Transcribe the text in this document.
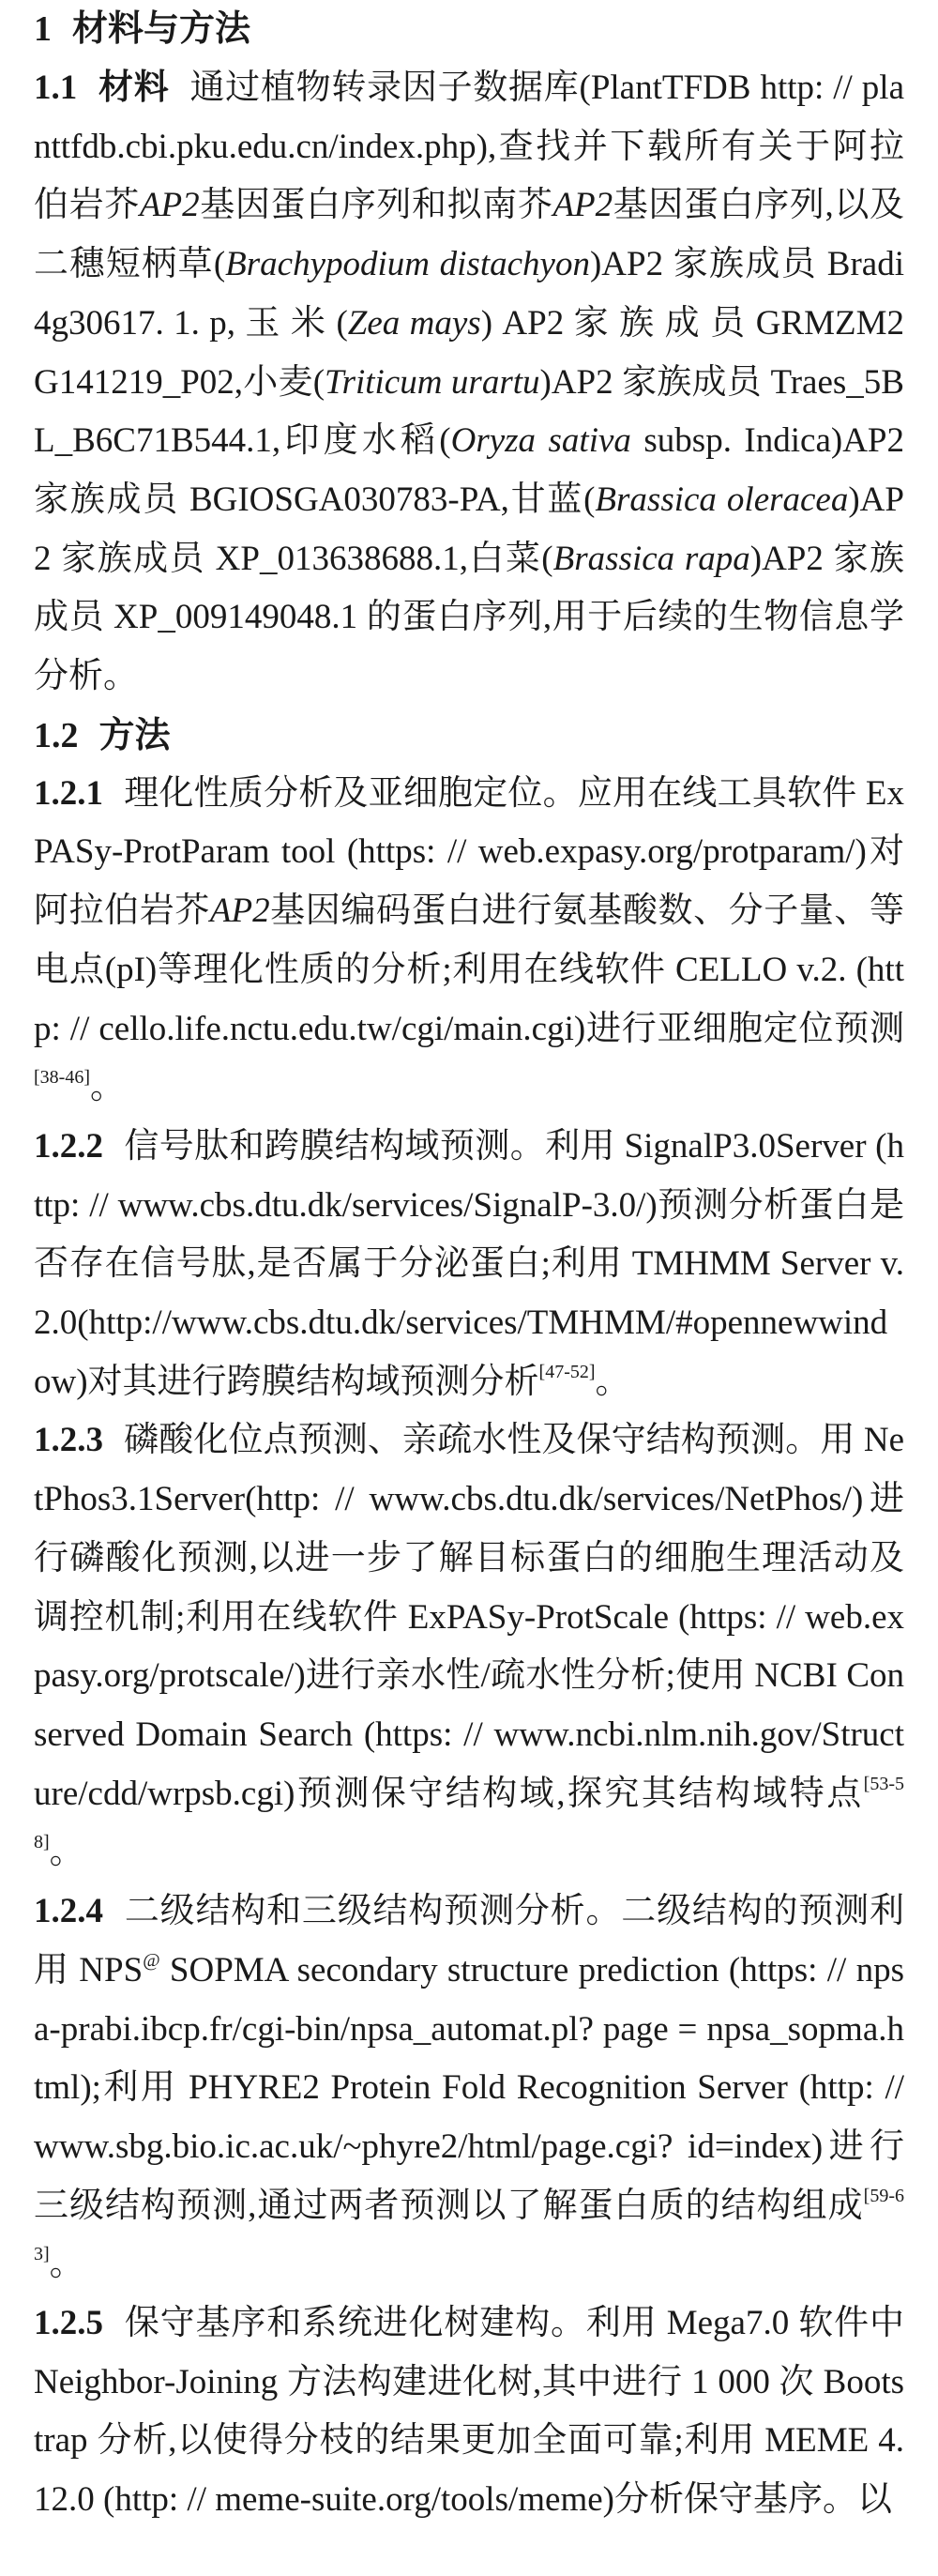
1 材料与方法

1.1 材料 通过植物转录因子数据库(PlantTFDB http: // planttfdb.cbi.pku.edu.cn/index.php),查找并下载所有关于阿拉伯岩芥AP2基因蛋白序列和拟南芥AP2基因蛋白序列,以及二穗短柄草(Brachypodium distachyon)AP2 家族成员 Bradi4g30617. 1. p, 玉 米 (Zea mays) AP2 家 族 成 员 GRMZM2G141219_P02,小麦(Triticum urartu)AP2 家族成员 Traes_5BL_B6C71B544.1,印度水稻(Oryza sativa subsp. Indica)AP2 家族成员 BGIOSGA030783-PA,甘蓝(Brassica oleracea)AP2 家族成员 XP_013638688.1,白菜(Brassica rapa)AP2 家族成员 XP_009149048.1 的蛋白序列,用于后续的生物信息学分析。

1.2 方法

1.2.1 理化性质分析及亚细胞定位。应用在线工具软件 ExPASy-ProtParam tool (https: // web.expasy.org/protparam/)对阿拉伯岩芥AP2基因编码蛋白进行氨基酸数、分子量、等电点(pI)等理化性质的分析;利用在线软件 CELLO v.2. (http: // cello.life.nctu.edu.tw/cgi/main.cgi)进行亚细胞定位预测[38-46]。

1.2.2 信号肽和跨膜结构域预测。利用 SignalP3.0Server (http: // www.cbs.dtu.dk/services/SignalP-3.0/)预测分析蛋白是否存在信号肽,是否属于分泌蛋白;利用 TMHMM Server v.2.0(http://www.cbs.dtu.dk/services/TMHMM/#opennewwindow)对其进行跨膜结构域预测分析[47-52]。

1.2.3 磷酸化位点预测、亲疏水性及保守结构预测。用 NetPhos3.1Server(http: // www.cbs.dtu.dk/services/NetPhos/)进行磷酸化预测,以进一步了解目标蛋白的细胞生理活动及调控机制;利用在线软件 ExPASy-ProtScale (https: // web.expasy.org/protscale/)进行亲水性/疏水性分析;使用 NCBI Conserved Domain Search (https: // www.ncbi.nlm.nih.gov/Structure/cdd/wrpsb.cgi)预测保守结构域,探究其结构域特点[53-58]。

1.2.4 二级结构和三级结构预测分析。二级结构的预测利用 NPS@ SOPMA secondary structure prediction (https: // npsa-prabi.ibcp.fr/cgi-bin/npsa_automat.pl? page = npsa_sopma.html);利用 PHYRE2 Protein Fold Recognition Server (http: // www.sbg.bio.ic.ac.uk/~phyre2/html/page.cgi? id=index)进行三级结构预测,通过两者预测以了解蛋白质的结构组成[59-63]。

1.2.5 保守基序和系统进化树建构。利用 Mega7.0 软件中 Neighbor-Joining 方法构建进化树,其中进行 1 000 次 Bootstrap 分析,以使得分枝的结果更加全面可靠;利用 MEME 4.12.0 (http: // meme-suite.org/tools/meme)分析保守基序。以
